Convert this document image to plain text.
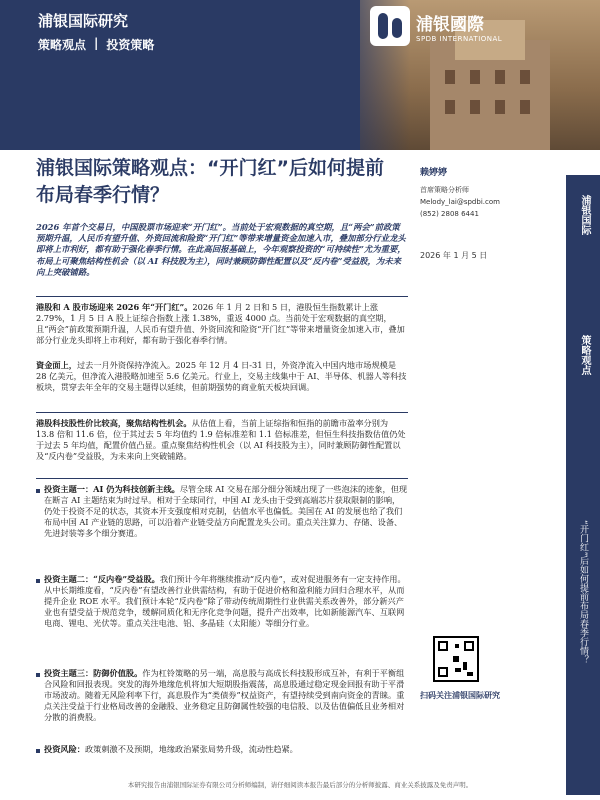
浦银国际研究
策略观点 | 投资策略
浦银國際
SPDB INTERNATIONAL
浦银国际策略观点：“开门红”后如何提前布局春季行情？
赖婷婷
首席策略分析师
Melody_lai@spdbi.com
(852) 2808 6441
2026 年 1 月 5 日
浦银国际
策略观点
“开门红”后如何提前布局春季行情？
2026 年首个交易日，中国股票市场迎来“开门红”。当前处于宏观数据的真空期，且“两会”前政策预期升温，人民币有望升值、外资回流和险资“开门红”等带来增量资金加速入市，叠加部分行业龙头即将上市利好，都有助于强化春季行情。在此高回报基础上，今年观察投资的“可持续性”尤为重要，布局上可聚焦结构性机会（以 AI 科技股为主），同时兼顾防御性配置以及“反内卷”受益股，为未来向上突破铺路。
港股和 A 股市场迎来 2026 年“开门红”。2026 年 1 月 2 日和 5 日，港股恒生指数累计上涨 2.79%，1 月 5 日 A 股上证综合指数上涨 1.38%，重返 4000 点。当前处于宏观数据的真空期，且“两会”前政策预期升温，人民币有望升值、外资回流和险资“开门红”等带来增量资金加速入市，叠加部分行业龙头即将上市利好，都有助于强化春季行情。
資金面上，过去一月外资保持净流入。2025 年 12 月 4 日-31 日，外资净流入中国内地市场规模是 28 亿美元，但净流入港股略加速至 5.6 亿美元。行业上，交易主线集中于 AI、半导体、机器人等科技板块，贯穿去年全年的交易主题得以延续，但前期强势的商业航天板块回调。
港股科技股性价比较高，聚焦结构性机会。从估值上看，当前上证综指和恒指的前瞻市盈率分别为 13.8 倍和 11.6 倍，位于其过去 5 年均值约 1.9 倍标准差和 1.1 倍标准差，但恒生科技指数估值仍处于过去 5 年均值，配置价值凸显。重点聚焦结构性机会（以 AI 科技股为主），同时兼顾防御性配置以及“反内卷”受益股，为未来向上突破铺路。
投资主题一：AI 仍为科技创新主线。尽管全球 AI 交易在部分细分领域出现了一些泡沫的迹象，但现在断言 AI 主题结束为时过早。相对于全球同行，中国 AI 龙头由于受到高端芯片获取限制的影响，仍处于投资不足的状态，其资本开支强度相对克制，估值水平也偏低。美国在 AI 的发展也给了我们布局中国 AI 产业链的思路，可以沿着产业链受益方向配置龙头公司。重点关注算力、存储、设备、先进封装等多个细分赛道。
投资主题二：“反内卷”受益股。我们预计今年将继续推动“反内卷”，或对促进服务有一定支持作用。从中长期维度看，“反内卷”有望改善行业供需结构，有助于促进价格和盈利能力回归合理水平，从而提升企业 ROE 水平。我们预计本轮“反内卷”除了带动传统周期性行业供需关系改善外，部分新兴产业也有望受益于规范竞争，缓解同质化和无序化竞争问题，提升产出效率，比如新能源汽车、互联网电商、锂电、光伏等。重点关注电池、铝、多晶硅（太阳能）等细分行业。
投资主题三：防御价值股。作为杠铃策略的另一端，高息股与高成长科技股形成互补，有利于平衡组合风险和回报表现。突发的海外地缘危机将加大短期股指震荡，高息股通过稳定现金回报有助于平滑市场波动。随着无风险利率下行，高息股作为“类债券”权益资产，有望持续受到南向资金的青睐。重点关注受益于行业格局改善的金融股、业务稳定且防御属性较强的电信股、以及估值偏低且业务相对分散的消费股。
投资风险：政策刺激不及预期，地缘政治紧张局势升级，流动性趋紧。
扫码关注浦银国际研究
本研究报告由浦银国际证券有限公司分析师编制，请仔细阅读本报告最后部分的分析师披露、商业关系披露及免责声明。
